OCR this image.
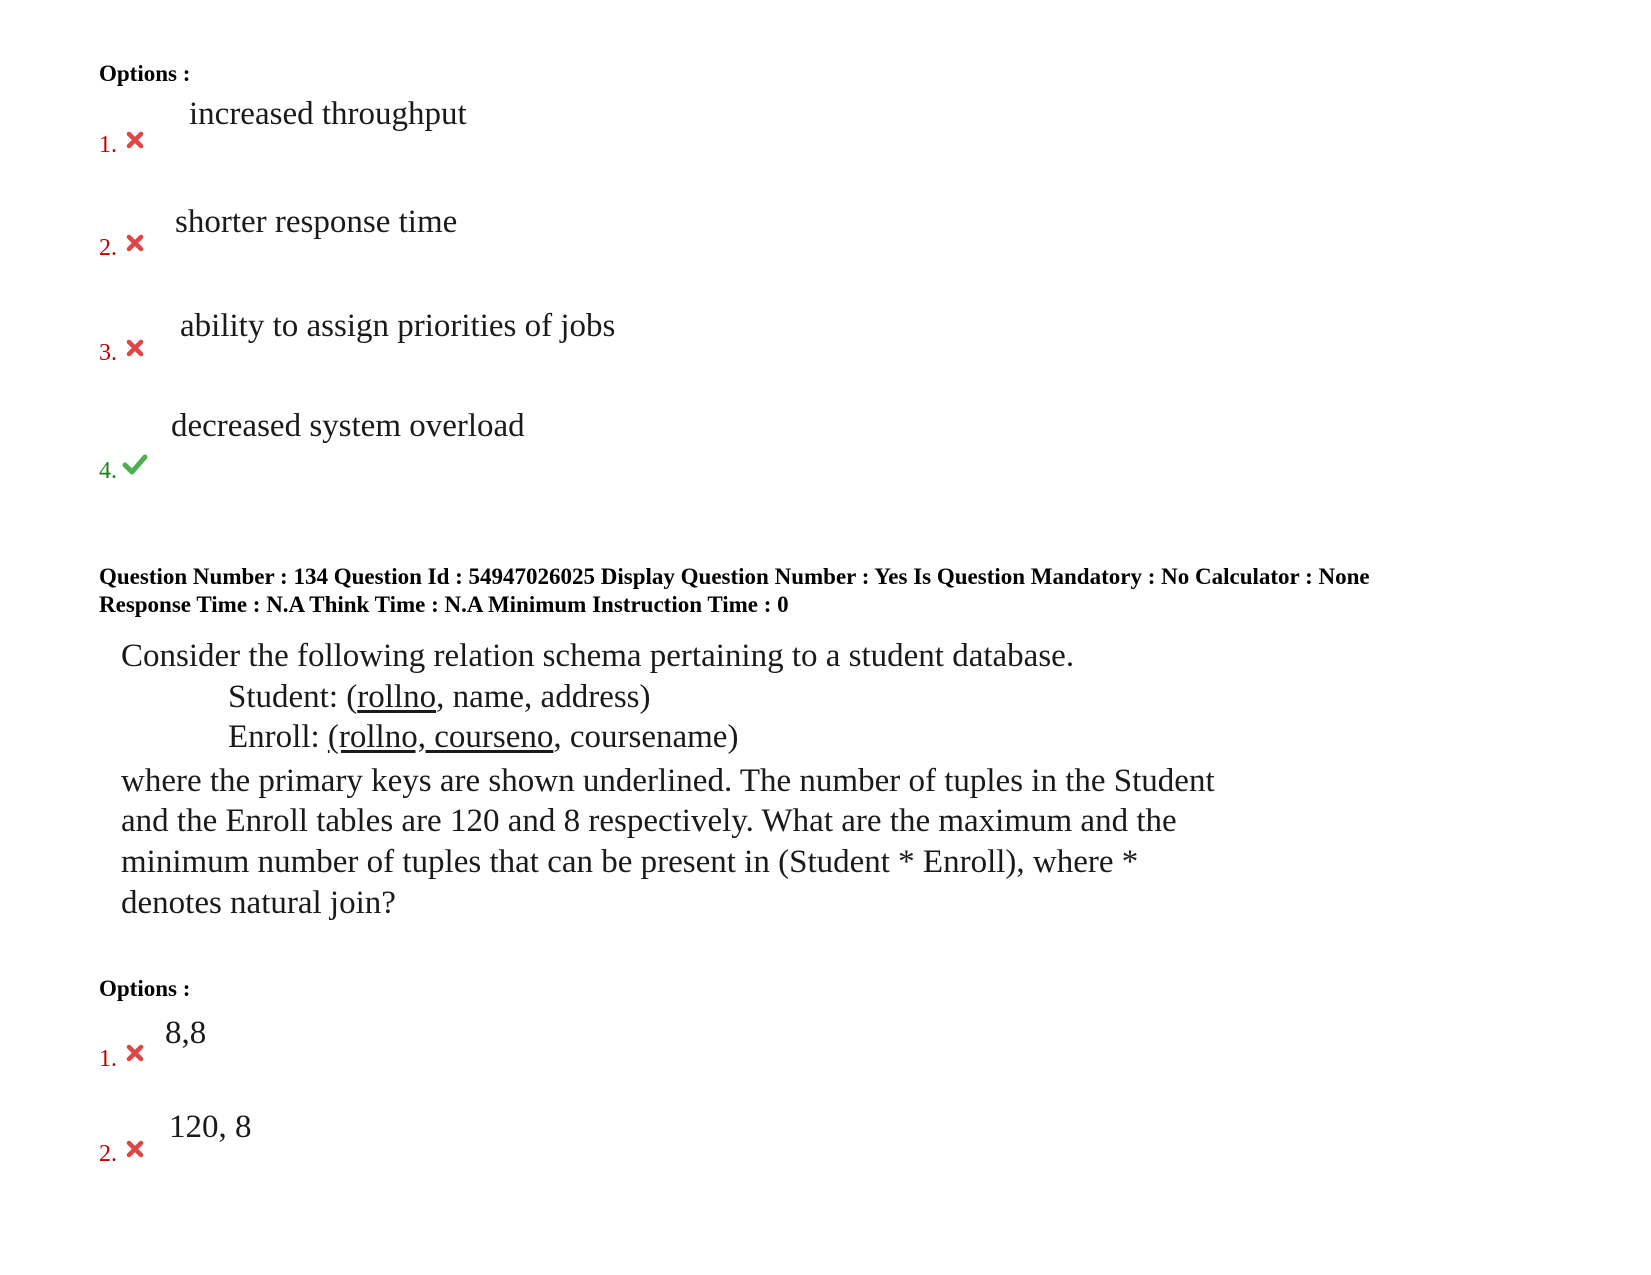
Options :
1.
increased throughput
2.
shorter response time
3.
ability to assign priorities of jobs
4.
decreased system overload
Question Number : 134 Question Id : 54947026025 Display Question Number : Yes Is Question Mandatory : No Calculator : None
Response Time : N.A Think Time : N.A Minimum Instruction Time : 0
Consider the following relation schema pertaining to a student database.
Student: (rollno, name, address)
Enroll: (rollno, courseno, coursename)
where the primary keys are shown underlined. The number of tuples in the Student
and the Enroll tables are 120 and 8 respectively. What are the maximum and the
minimum number of tuples that can be present in (Student * Enroll), where *
denotes natural join?
Options :
1.
8,8
2.
120, 8
